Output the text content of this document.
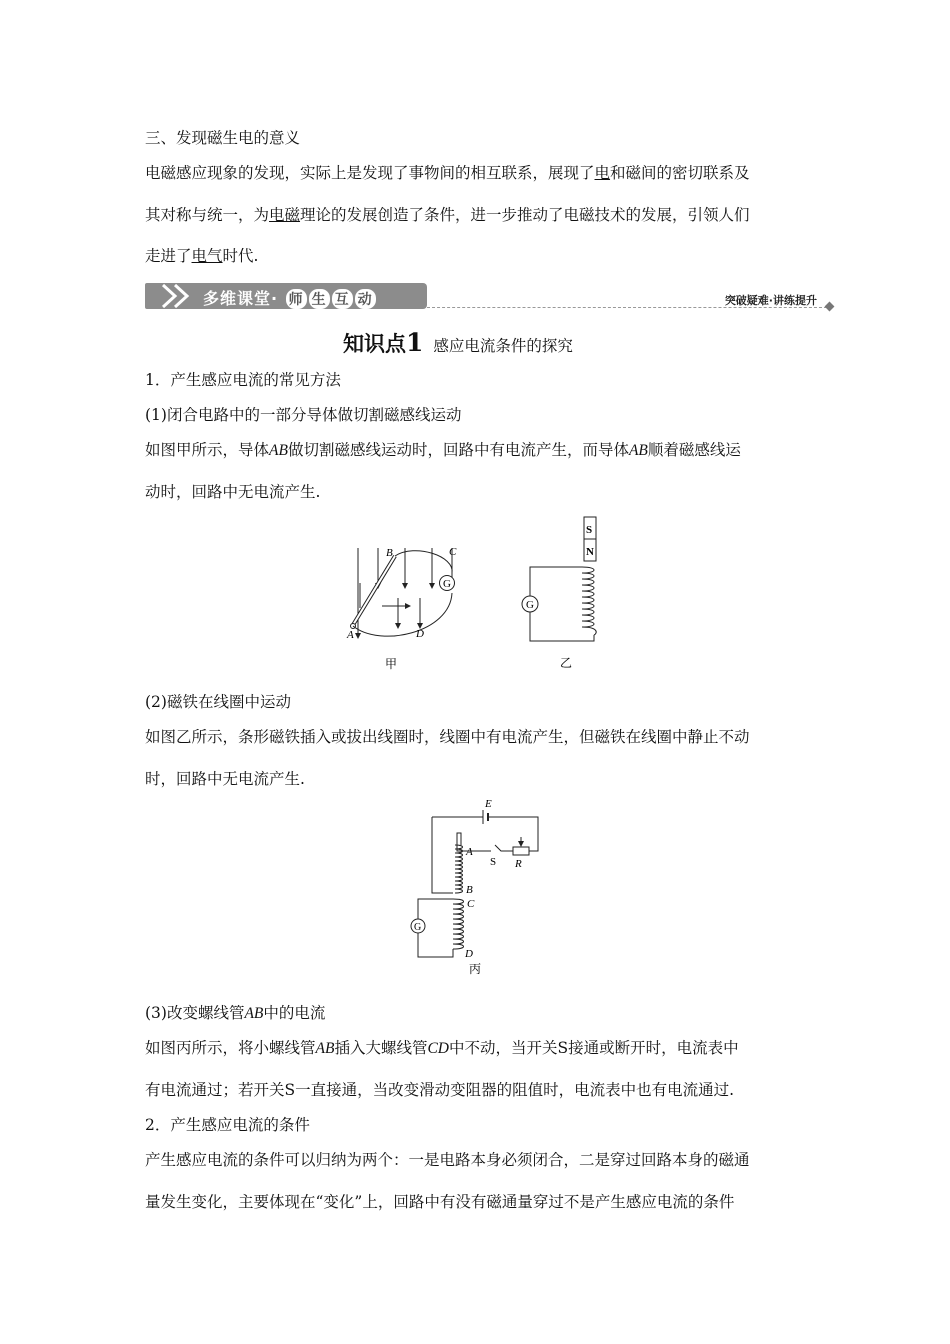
三、发现磁生电的意义
电磁感应现象的发现，实际上是发现了事物间的相互联系，展现了电和磁间的密切联系及
其对称与统一，为电磁理论的发展创造了条件，进一步推动了电磁技术的发展，引领人们
走进了电气时代.
多维课堂· 师 生 互 动	突破疑难·讲练提升
知识点1 感应电流条件的探究
1．产生感应电流的常见方法
(1)闭合电路中的一部分导体做切割磁感线运动
如图甲所示，导体AB做切割磁感线运动时，回路中有电流产生，而导体AB顺着磁感线运
动时，回路中无电流产生.
G
B	C
A	D
甲
S
N
G
乙
(2)磁铁在线圈中运动
如图乙所示，条形磁铁插入或拔出线圈时，线圈中有电流产生，但磁铁在线圈中静止不动
时，回路中无电流产生.
E
S R
A
B
G
C
D
丙
(3)改变螺线管AB中的电流
如图丙所示，将小螺线管AB插入大螺线管CD中不动，当开关S接通或断开时，电流表中
有电流通过；若开关S一直接通，当改变滑动变阻器的阻值时，电流表中也有电流通过.
2．产生感应电流的条件
产生感应电流的条件可以归纳为两个：一是电路本身必须闭合，二是穿过回路本身的磁通
量发生变化，主要体现在“变化”上，回路中有没有磁通量穿过不是产生感应电流的条件
